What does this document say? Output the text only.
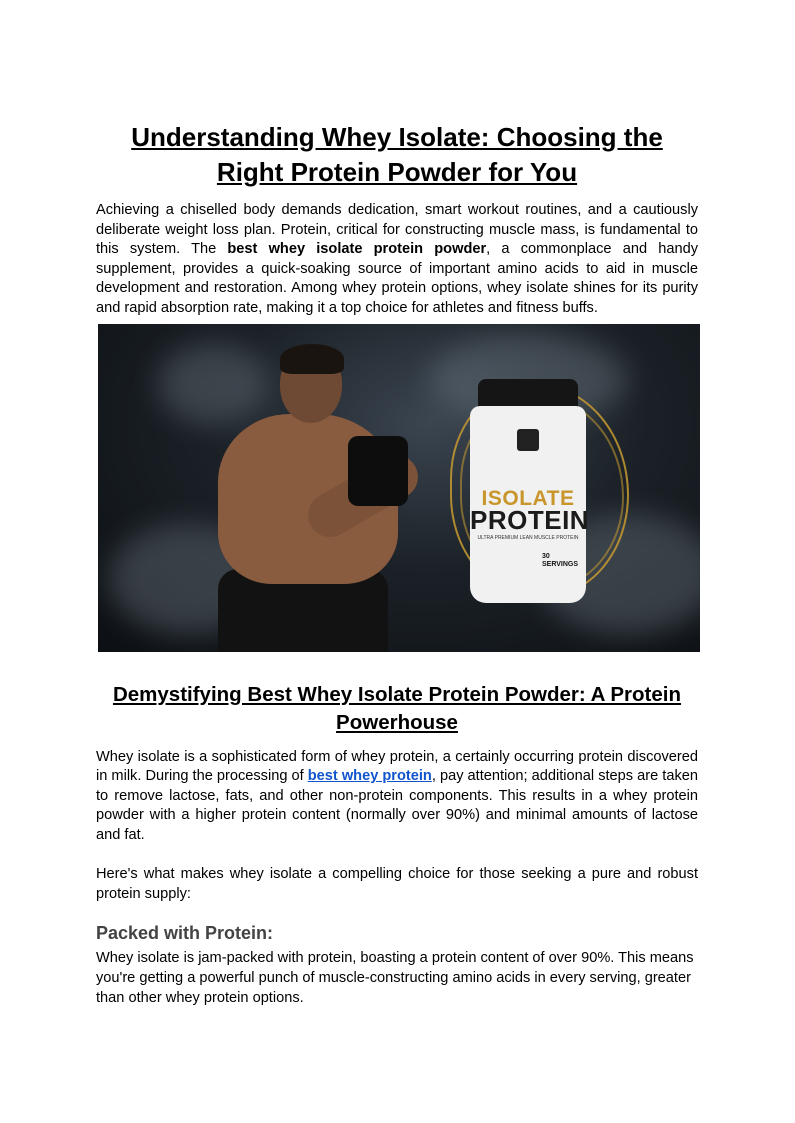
Understanding Whey Isolate: Choosing the Right Protein Powder for You

Achieving a chiselled body demands dedication, smart workout routines, and a cautiously deliberate weight loss plan. Protein, critical for constructing muscle mass, is fundamental to this system. The best whey isolate protein powder, a commonplace and handy supplement, provides a quick-soaking source of important amino acids to aid in muscle development and restoration. Among whey protein options, whey isolate shines for its purity and rapid absorption rate, making it a top choice for athletes and fitness buffs.

ISOLATE
PROTEIN
ULTRA PREMIUM LEAN MUSCLE PROTEIN
30 SERVINGS
Demystifying Best Whey Isolate Protein Powder: A Protein Powerhouse

Whey isolate is a sophisticated form of whey protein, a certainly occurring protein discovered in milk. During the processing of best whey protein, pay attention; additional steps are taken to remove lactose, fats, and other non-protein components. This results in a whey protein powder with a higher protein content (normally over 90%) and minimal amounts of lactose and fat.

Here's what makes whey isolate a compelling choice for those seeking a pure and robust protein supply:

Packed with Protein:

Whey isolate is jam-packed with protein, boasting a protein content of over 90%. This means you're getting a powerful punch of muscle-constructing amino acids in every serving, greater than other whey protein options.
